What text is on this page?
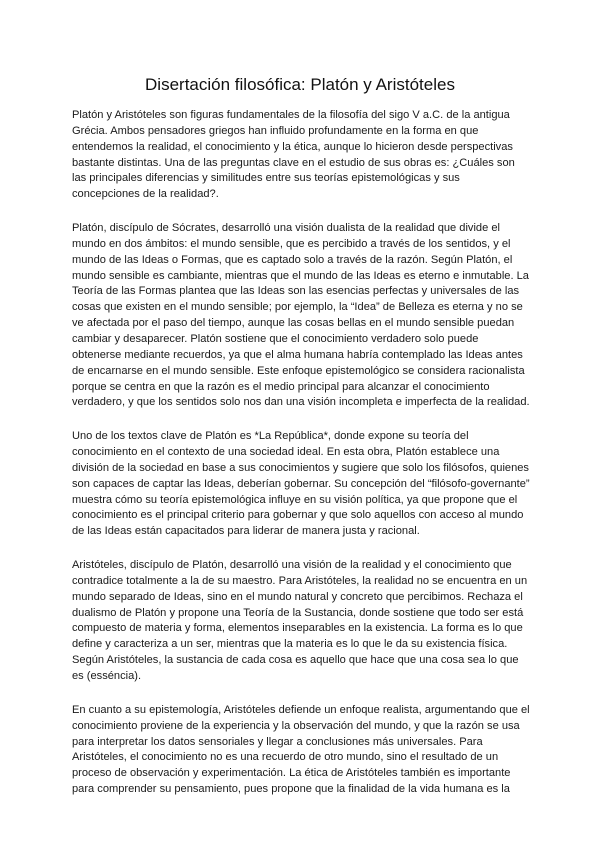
Disertación filosófica: Platón y Aristóteles

Platón y Aristóteles son figuras fundamentales de la filosofía del sigo V a.C. de la antigua Grécia. Ambos pensadores griegos han influido profundamente en la forma en que entendemos la realidad, el conocimiento y la ética, aunque lo hicieron desde perspectivas bastante distintas. Una de las preguntas clave en el estudio de sus obras es: ¿Cuáles son las principales diferencias y similitudes entre sus teorías epistemológicas y sus concepciones de la realidad?.

Platón, discípulo de Sócrates, desarrolló una visión dualista de la realidad que divide el mundo en dos ámbitos: el mundo sensible, que es percibido a través de los sentidos, y el mundo de las Ideas o Formas, que es captado solo a través de la razón. Según Platón, el mundo sensible es cambiante, mientras que el mundo de las Ideas es eterno e inmutable. La Teoría de las Formas plantea que las Ideas son las esencias perfectas y universales de las cosas que existen en el mundo sensible; por ejemplo, la “Idea” de Belleza es eterna y no se ve afectada por el paso del tiempo, aunque las cosas bellas en el mundo sensible puedan cambiar y desaparecer. Platón sostiene que el conocimiento verdadero solo puede obtenerse mediante recuerdos, ya que el alma humana habría contemplado las Ideas antes de encarnarse en el mundo sensible. Este enfoque epistemológico se considera racionalista porque se centra en que la razón es el medio principal para alcanzar el conocimiento verdadero, y que los sentidos solo nos dan una visión incompleta e imperfecta de la realidad.

Uno de los textos clave de Platón es *La República*, donde expone su teoría del conocimiento en el contexto de una sociedad ideal. En esta obra, Platón establece una división de la sociedad en base a sus conocimientos y sugiere que solo los filósofos, quienes son capaces de captar las Ideas, deberían gobernar. Su concepción del “filósofo-governante” muestra cómo su teoría epistemológica influye en su visión política, ya que propone que el conocimiento es el principal criterio para gobernar y que solo aquellos con acceso al mundo de las Ideas están capacitados para liderar de manera justa y racional.

Aristóteles, discípulo de Platón, desarrolló una visión de la realidad y el conocimiento que contradice totalmente a la de su maestro. Para Aristóteles, la realidad no se encuentra en un mundo separado de Ideas, sino en el mundo natural y concreto que percibimos. Rechaza el dualismo de Platón y propone una Teoría de la Sustancia, donde sostiene que todo ser está compuesto de materia y forma, elementos inseparables en la existencia. La forma es lo que define y caracteriza a un ser, mientras que la materia es lo que le da su existencia física. Según Aristóteles, la sustancia de cada cosa es aquello que hace que una cosa sea lo que es (esséncia).

En cuanto a su epistemología, Aristóteles defiende un enfoque realista, argumentando que el conocimiento proviene de la experiencia y la observación del mundo, y que la razón se usa para interpretar los datos sensoriales y llegar a conclusiones más universales. Para Aristóteles, el conocimiento no es una recuerdo de otro mundo, sino el resultado de un proceso de observación y experimentación. La ética de Aristóteles también es importante para comprender su pensamiento, pues propone que la finalidad de la vida humana es la
